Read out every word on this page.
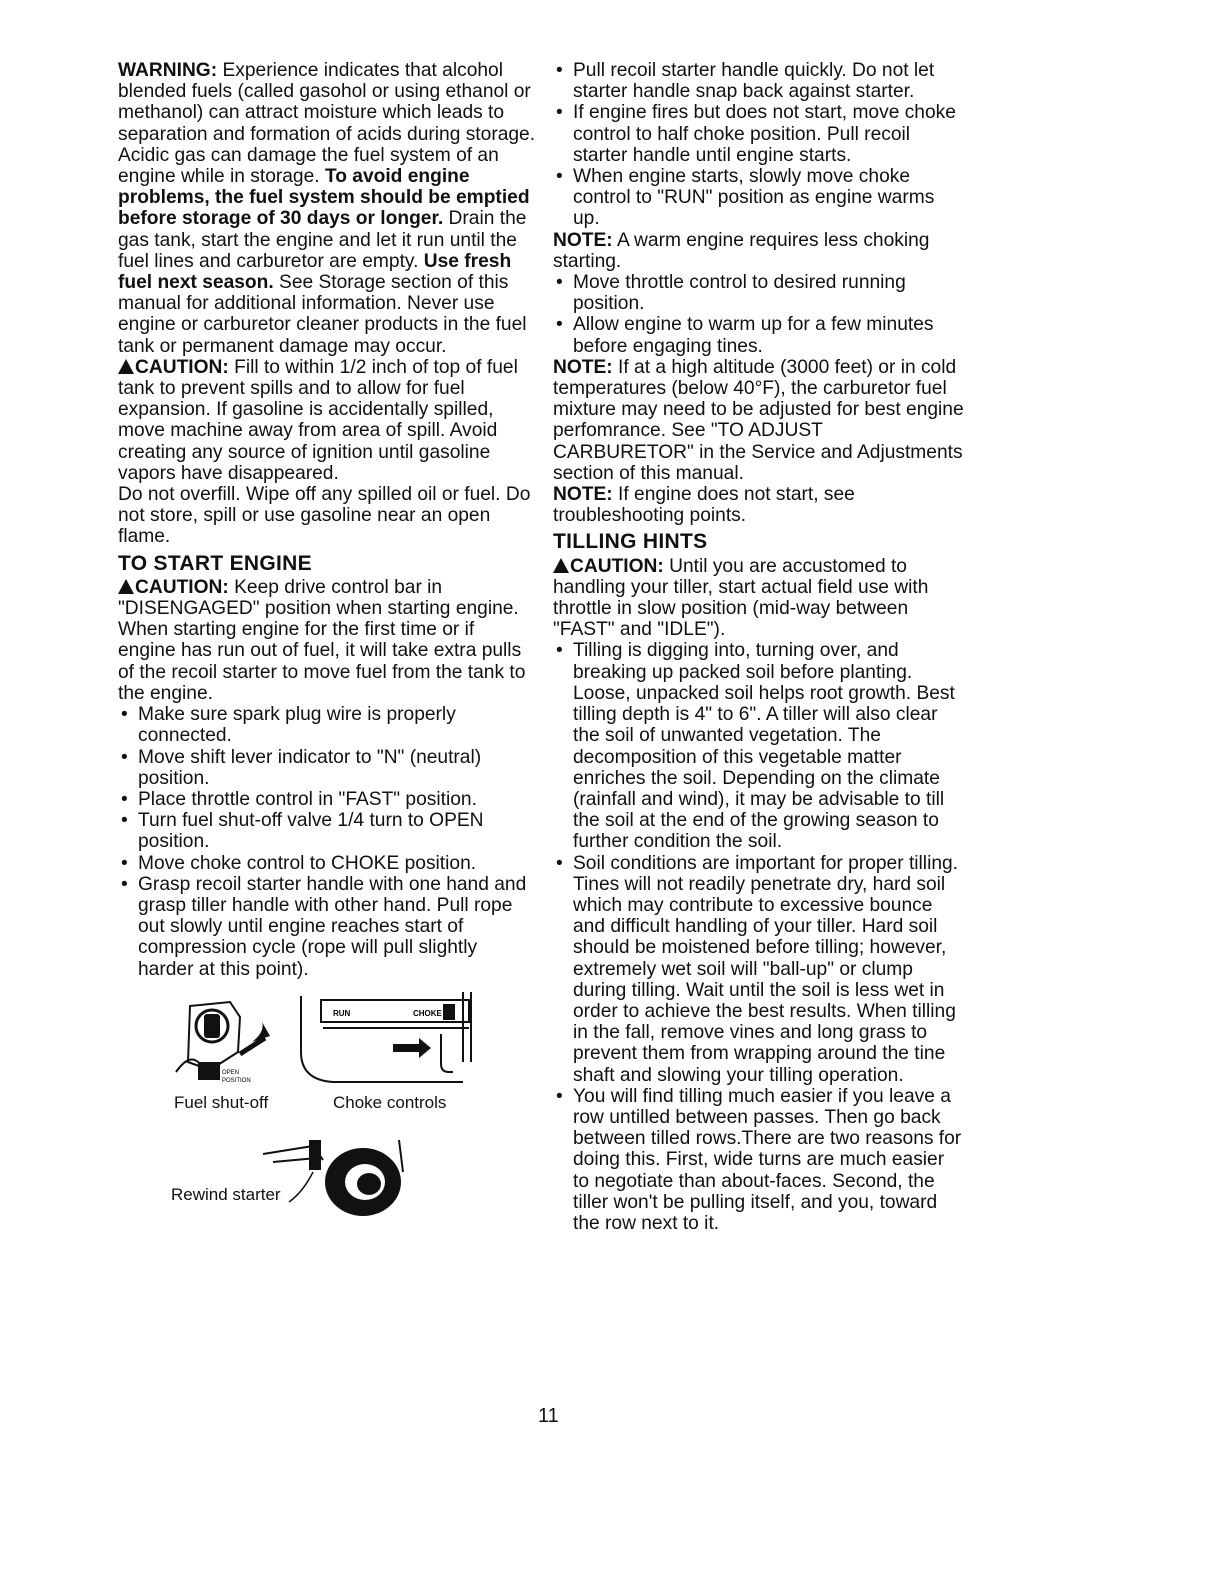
WARNING: Experience indicates that alcohol blended fuels (called gasohol or using ethanol or methanol) can attract moisture which leads to separation and formation of acids during storage. Acidic gas can damage the fuel system of an engine while in storage. To avoid engine problems, the fuel system should be emptied before storage of 30 days or longer. Drain the gas tank, start the engine and let it run until the fuel lines and carburetor are empty. Use fresh fuel next season. See Storage section of this manual for additional information. Never use engine or carburetor cleaner products in the fuel tank or permanent damage may occur.

CAUTION: Fill to within 1/2 inch of top of fuel tank to prevent spills and to allow for fuel expansion. If gasoline is accidentally spilled, move machine away from area of spill. Avoid creating any source of ignition until gasoline vapors have disappeared.

Do not overfill. Wipe off any spilled oil or fuel. Do not store, spill or use gasoline near an open flame.

TO START ENGINE

CAUTION: Keep drive control bar in "DISENGAGED" position when starting engine.

When starting engine for the first time or if engine has run out of fuel, it will take extra pulls of the recoil starter to move fuel from the tank to the engine.

• Make sure spark plug wire is properly connected.
• Move shift lever indicator to "N" (neutral) position.
• Place throttle control in "FAST" position.
• Turn fuel shut-off valve 1/4 turn to OPEN position.
• Move choke control to CHOKE position.
• Grasp recoil starter handle with one hand and grasp tiller handle with other hand. Pull rope out slowly until engine reaches start of compression cycle (rope will pull slightly harder at this point).
OPEN
POSITION
Fuel shut-off
RUN	CHOKE
Choke controls
Rewind starter
• Pull recoil starter handle quickly. Do not let starter handle snap back against starter.
• If engine fires but does not start, move choke control to half choke position. Pull recoil starter handle until engine starts.
• When engine starts, slowly move choke control to "RUN" position as engine warms up.

NOTE: A warm engine requires less choking starting.

• Move throttle control to desired running position.
• Allow engine to warm up for a few minutes before engaging tines.

NOTE: If at a high altitude (3000 feet) or in cold temperatures (below 40°F), the carburetor fuel mixture may need to be adjusted for best engine perfomrance. See "TO ADJUST CARBURETOR" in the Service and Adjustments section of this manual.

NOTE: If engine does not start, see troubleshooting points.

TILLING HINTS

CAUTION: Until you are accustomed to handling your tiller, start actual field use with throttle in slow position (mid-way between "FAST" and "IDLE").

• Tilling is digging into, turning over, and breaking up packed soil before planting. Loose, unpacked soil helps root growth. Best tilling depth is 4" to 6". A tiller will also clear the soil of unwanted vegetation. The decomposition of this vegetable matter enriches the soil. Depending on the climate (rainfall and wind), it may be advisable to till the soil at the end of the growing season to further condition the soil.
• Soil conditions are important for proper tilling. Tines will not readily penetrate dry, hard soil which may contribute to excessive bounce and difficult handling of your tiller. Hard soil should be moistened before tilling; however, extremely wet soil will "ball-up" or clump during tilling. Wait until the soil is less wet in order to achieve the best results. When tilling in the fall, remove vines and long grass to prevent them from wrapping around the tine shaft and slowing your tilling operation.
• You will find tilling much easier if you leave a row untilled between passes. Then go back between tilled rows.There are two reasons for doing this. First, wide turns are much easier to negotiate than about-faces. Second, the tiller won't be pulling itself, and you, toward the row next to it.
11
